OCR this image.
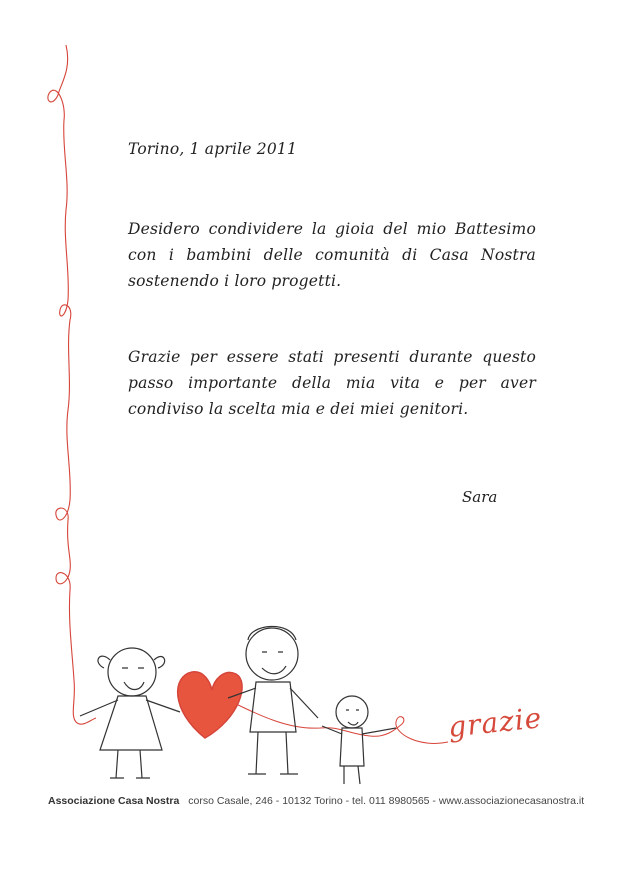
Torino, 1 aprile 2011

Desidero condividere la gioia del mio Battesimo
con i bambini delle comunità di Casa Nostra
sostenendo i loro progetti.

Grazie per essere stati presenti durante questo
passo importante della mia vita e per aver
condiviso la scelta mia e dei miei genitori.

Sara
grazie
Associazione Casa Nostra corso Casale, 246 - 10132 Torino - tel. 011 8980565 - www.associazionecasanostra.it
